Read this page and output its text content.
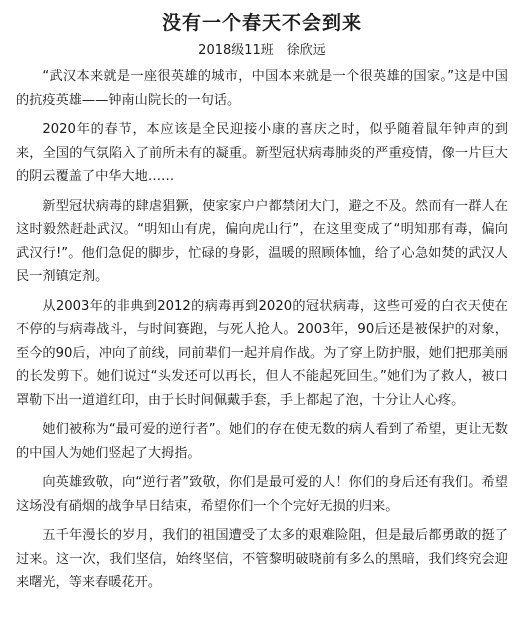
没有一个春天不会到来
2018级11班　徐欣远
“武汉本来就是一座很英雄的城市，中国本来就是一个很英雄的国家。”这是中国的抗疫英雄——钟南山院长的一句话。
2020年的春节，本应该是全民迎接小康的喜庆之时，似乎随着鼠年钟声的到来，全国的气氛陷入了前所未有的凝重。新型冠状病毒肺炎的严重疫情，像一片巨大的阴云覆盖了中华大地……
新型冠状病毒的肆虐猖獗，使家家户户都禁闭大门，避之不及。然而有一群人在这时毅然赶赴武汉。“明知山有虎，偏向虎山行”，在这里变成了“明知那有毒，偏向武汉行!”。他们急促的脚步，忙碌的身影，温暖的照顾体恤，给了心急如焚的武汉人民一剂镇定剂。
从2003年的非典到2012的病毒再到2020的冠状病毒，这些可爱的白衣天使在不停的与病毒战斗，与时间赛跑，与死人抢人。2003年，90后还是被保护的对象，至今的90后，冲向了前线，同前辈们一起并肩作战。为了穿上防护服，她们把那美丽的长发剪下。她们说过“头发还可以再长，但人不能起死回生。”她们为了救人，被口罩勒下出一道道红印，由于长时间佩戴手套，手上都起了泡，十分让人心疼。
她们被称为“最可爱的逆行者”。她们的存在使无数的病人看到了希望，更让无数的中国人为她们竖起了大拇指。
向英雄致敬，向“逆行者”致敬，你们是最可爱的人！你们的身后还有我们。希望这场没有硝烟的战争早日结束，希望你们一个个完好无损的归来。
五千年漫长的岁月，我们的祖国遭受了太多的艰难险阻，但是最后都勇敢的挺了过来。这一次，我们坚信，始终坚信，不管黎明破晓前有多么的黑暗，我们终究会迎来曙光，等来春暖花开。
